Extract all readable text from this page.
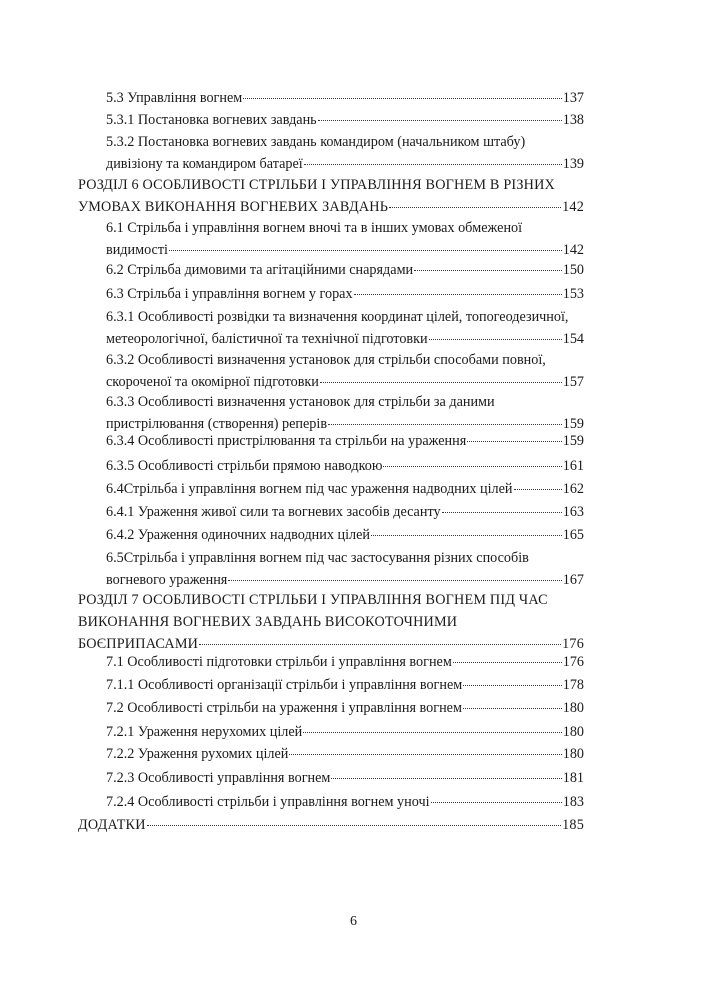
5.3 Управління вогнем	137
5.3.1 Постановка вогневих завдань	138
5.3.2 Постановка вогневих завдань командиром (начальником штабу)
дивізіону та командиром батареї	139
РОЗДІЛ 6 ОСОБЛИВОСТІ СТРІЛЬБИ І УПРАВЛІННЯ ВОГНЕМ В РІЗНИХ
УМОВАХ ВИКОНАННЯ ВОГНЕВИХ ЗАВДАНЬ	142
6.1 Стрільба і управління вогнем вночі та в інших умовах обмеженої
видимості	142
6.2 Стрільба димовими та агітаційними снарядами	150
6.3 Стрільба і управління вогнем у горах	153
6.3.1 Особливості розвідки та визначення координат цілей, топогеодезичної,
метеорологічної, балістичної та технічної підготовки	154
6.3.2 Особливості визначення установок для стрільби способами повної,
скороченої та окомірної підготовки	157
6.3.3 Особливості визначення установок для стрільби за даними
пристрілювання (створення) реперів	159
6.3.4 Особливості пристрілювання та стрільби на ураження	159
6.3.5 Особливості стрільби прямою наводкою	161
6.4Стрільба і управління вогнем під час ураження надводних цілей	162
6.4.1 Ураження живої сили та вогневих засобів десанту	163
6.4.2 Ураження одиночних надводних цілей	165
6.5Стрільба і управління вогнем під час застосування різних способів
вогневого ураження	167
РОЗДІЛ 7 ОСОБЛИВОСТІ СТРІЛЬБИ І УПРАВЛІННЯ ВОГНЕМ ПІД ЧАС
ВИКОНАННЯ ВОГНЕВИХ ЗАВДАНЬ ВИСОКОТОЧНИМИ
БОЄПРИПАСАМИ	176
7.1 Особливості підготовки стрільби і управління вогнем	176
7.1.1 Особливості організації стрільби і управління вогнем	178
7.2 Особливості стрільби на ураження і управління вогнем	180
7.2.1 Ураження нерухомих цілей	180
7.2.2 Ураження рухомих цілей	180
7.2.3 Особливості управління вогнем	181
7.2.4 Особливості стрільби і управління вогнем уночі	183
ДОДАТКИ	185
6
